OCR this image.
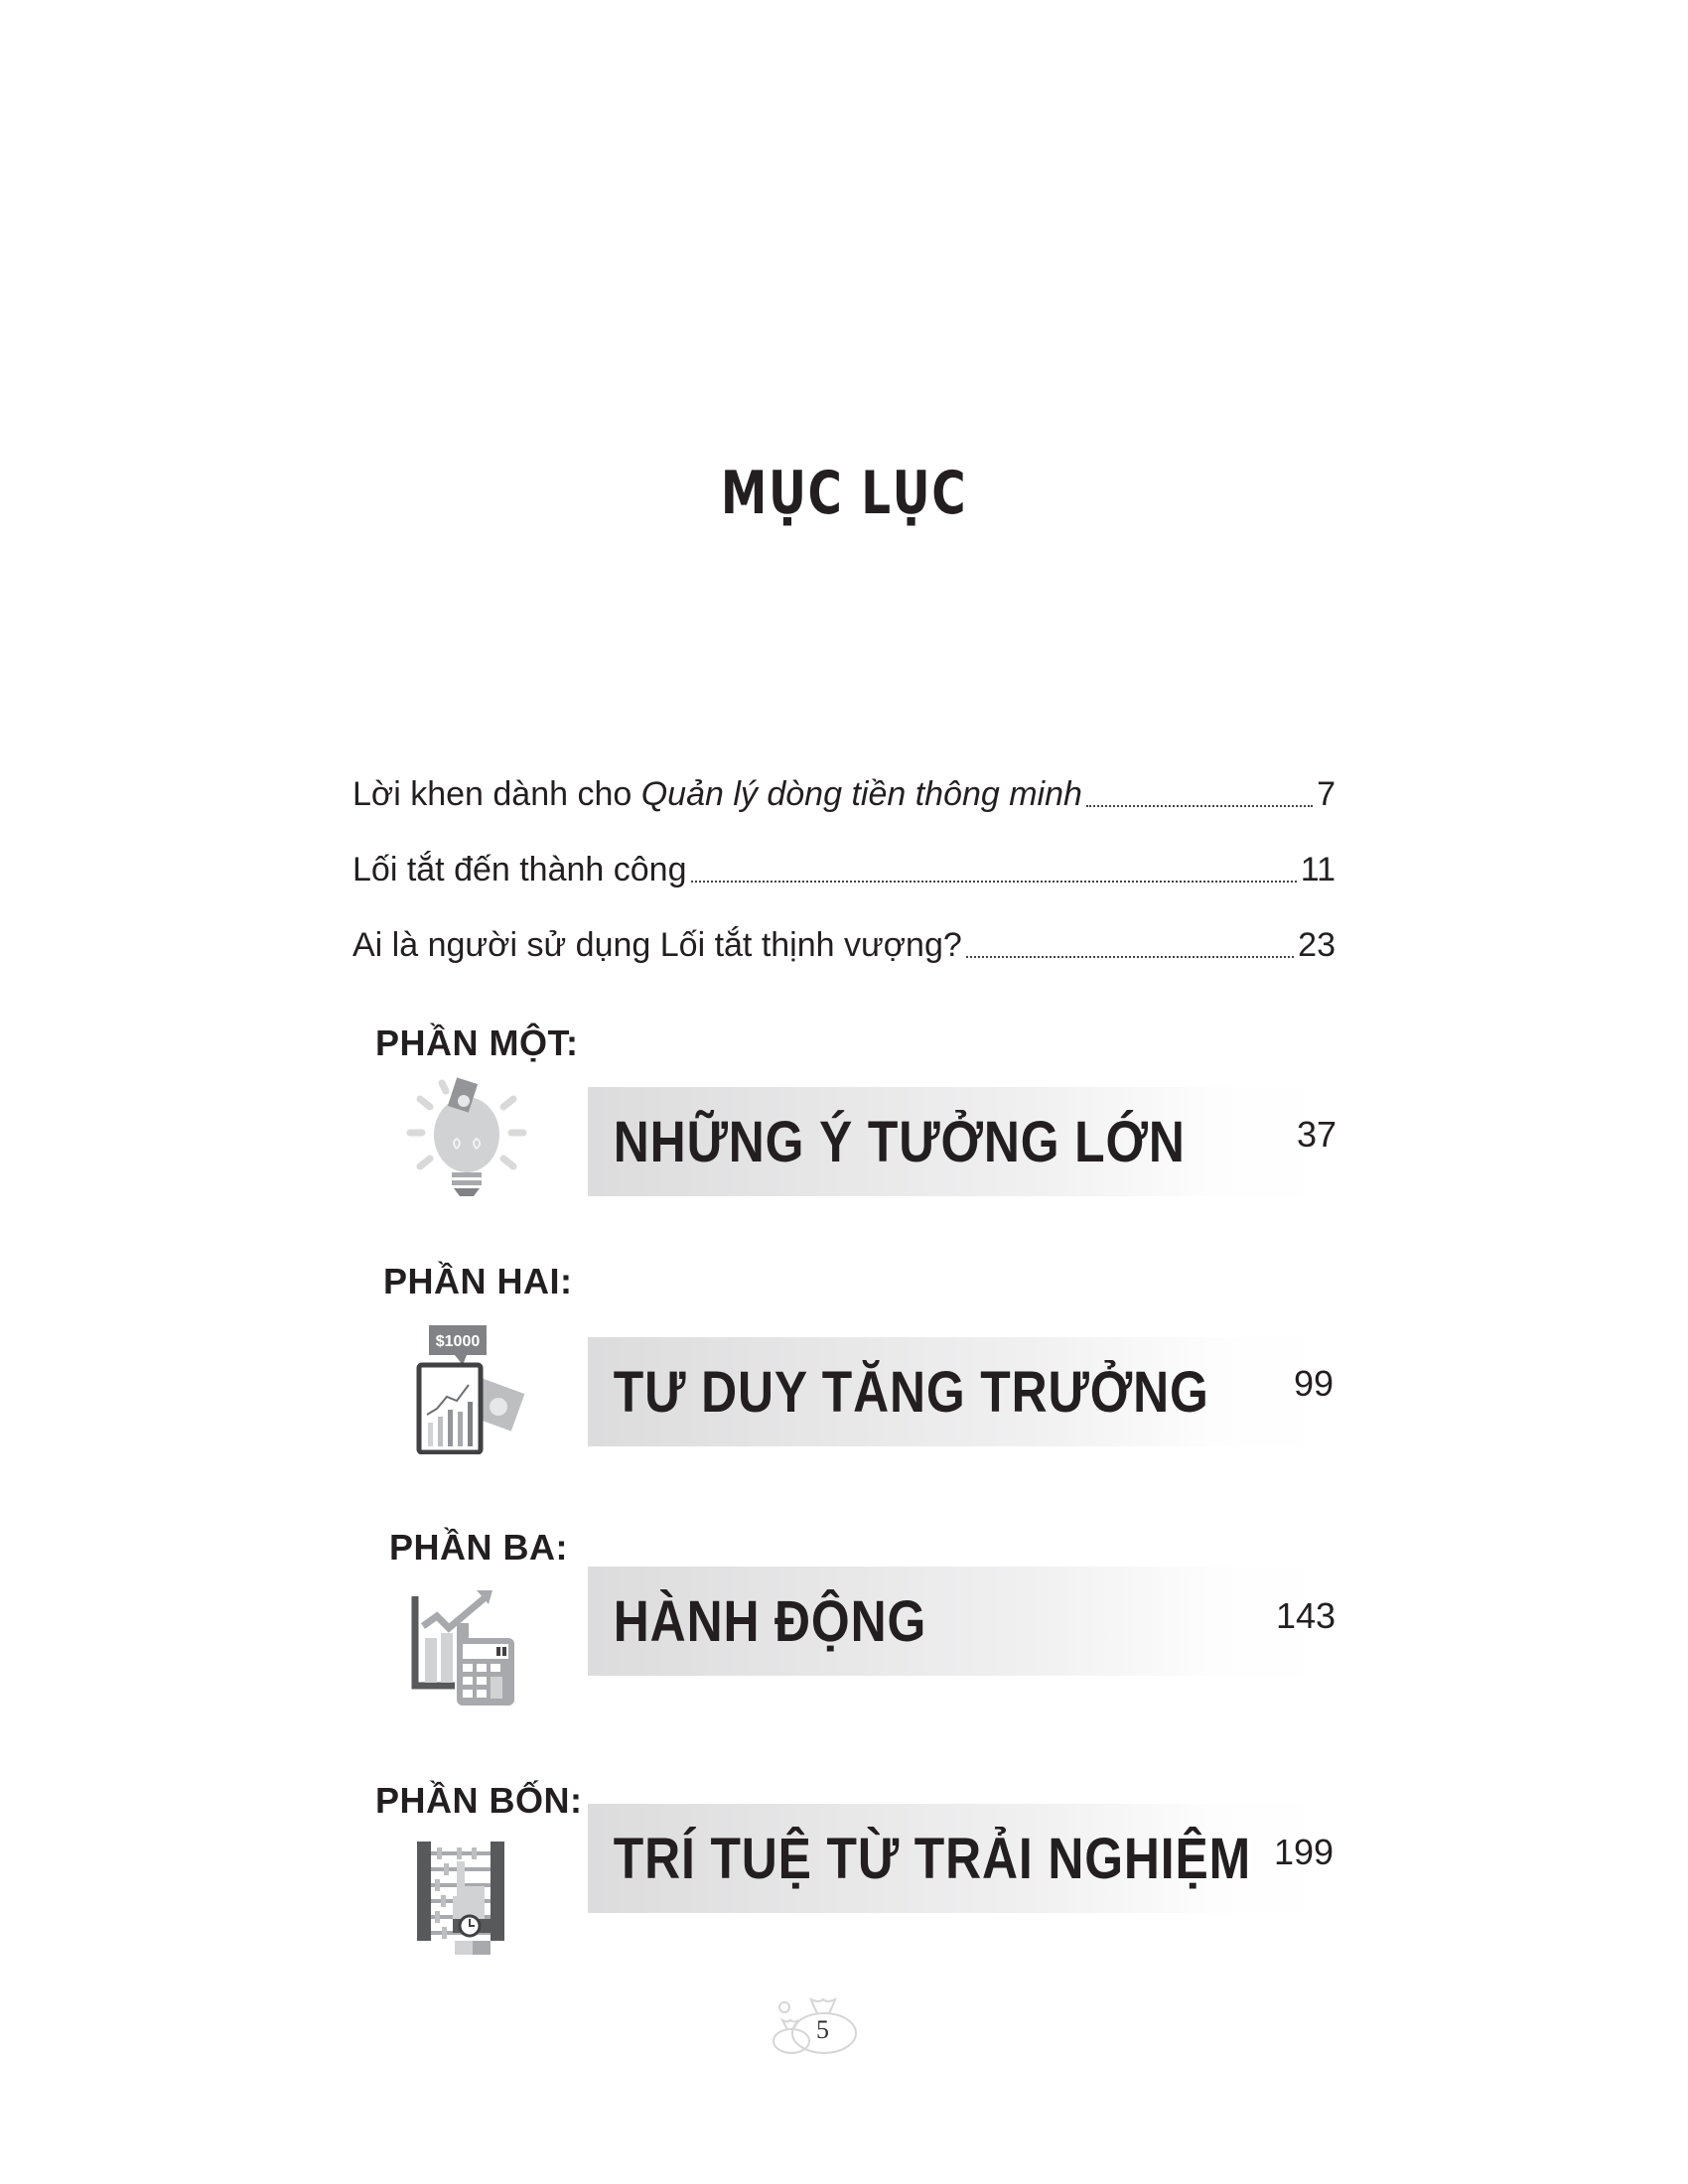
MỤC LỤC
Lời khen dành cho Quản lý dòng tiền thông minh	7
Lối tắt đến thành công	11
Ai là người sử dụng Lối tắt thịnh vượng?	23
PHẦN MỘT:
NHỮNG Ý TƯỞNG LỚN	37
PHẦN HAI:
$1000
TƯ DUY TĂNG TRƯỞNG 99
PHẦN BA:
HÀNH ĐỘNG	143
PHẦN BỐN:
TRÍ TUỆ TỪ TRẢI NGHIỆM 199
5
